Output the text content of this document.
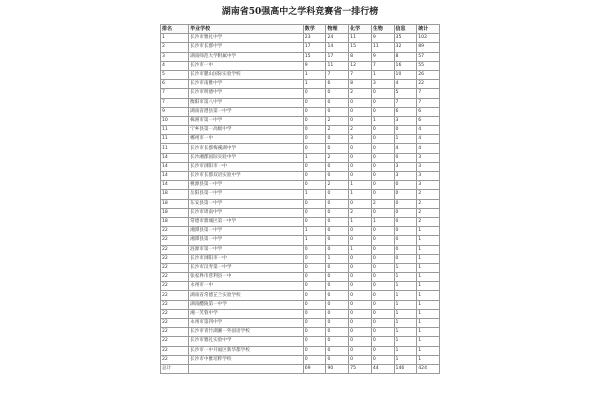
湖南省50强高中之学科竞赛省一排行榜
排名	毕业学校	数学	物理	化学	生物	信息	统计
1	长沙市雅礼中学	23	24	11	9	35	102
2	长沙市长郡中学	17	14	15	11	32	89
3	湖南师范大学附属中学	15	17	8	9	8	57
4	长沙市一中	9	11	12	7	16	55
5	长沙市麓山国际实验学校	1	7	7	1	10	26
6	长沙市南雅中学	1	6	8	3	4	22
7	长沙市明德中学	0	0	2	0	5	7
7	衡阳市第八中学	0	0	0	0	7	7
9	湖南省澧县第一中学	0	0	0	0	6	6
10	株洲市第一中学	0	2	0	1	3	6
11	宁乡县第一高级中学	0	2	2	0	0	4
11	郴州市一中	0	0	3	0	1	4
11	长沙市长郡梅溪湖中学	0	0	0	0	4	4
14	长沙湘郡国际实验中学	1	2	0	0	0	3
14	长沙市浏阳市一中	0	0	0	0	3	3
14	长沙市长郡双语实验中学	0	0	0	0	3	3
14	桃源县第一中学	0	2	1	0	0	3
18	岳阳县第一中学	1	0	1	0	0	2
18	东安县第一中学	0	0	0	2	0	2
18	长沙市周南中学	0	0	2	0	0	2
18	常德市鼎城区第一中学	0	0	1	1	0	2
22	湘潭县第一中学	1	0	0	0	0	1
22	湘潭县第一中学	1	0	0	0	0	1
22	涟源市第一中学	0	0	1	0	0	1
22	长沙市浏阳市一中	0	1	0	0	0	1
22	长沙市汉寿第一中学	0	0	0	0	1	1
22	张家界市慈利县一中	0	0	0	0	1	1
22	永州市一中	0	0	0	0	1	1
22	湖南省常德芷兰实验学校	0	0	0	0	1	1
22	湖南醴陵第一中学	0	0	0	0	1	1
22	湘一芙蓉中学	0	0	0	0	1	1
22	永州市第四中学	0	0	0	0	1	1
22	长沙市青竹湖湘一外国语学校	0	0	0	0	1	1
22	长沙市雅礼实验中学	0	0	0	0	1	1
22	长沙市一中开福区新华都学校	0	0	0	0	1	1
22	长沙市中雅培粹学校	0	0	0	0	1	1
总计		69	90	75	44	146	424
